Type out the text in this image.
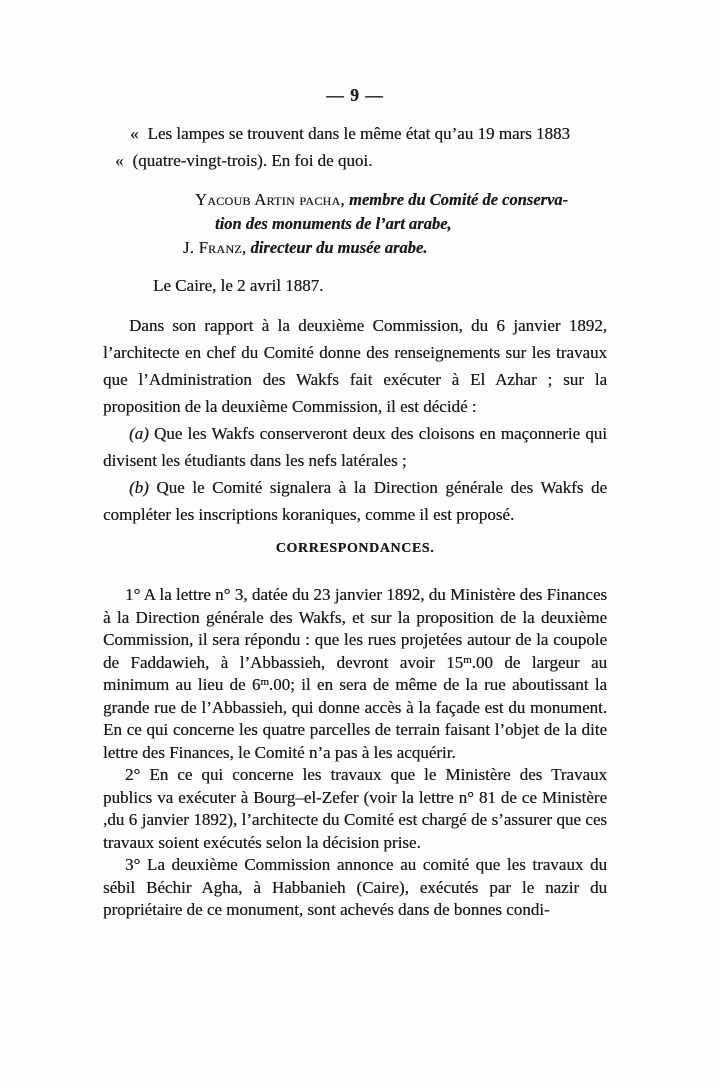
— 9 —
« Les lampes se trouvent dans le même état qu’au 19 mars 1883
« (quatre-vingt-trois). En foi de quoi.
Yacoub Artin pacha, membre du Comité de conserva-
tion des monuments de l’art arabe,
J. Franz, directeur du musée arabe.

Le Caire, le 2 avril 1887.

Dans son rapport à la deuxième Commission, du 6 janvier 1892, l’architecte en chef du Comité donne des renseignements sur les travaux que l’Administration des Wakfs fait exécuter à El Azhar ; sur la proposition de la deuxième Commission, il est décidé :

(a) Que les Wakfs conserveront deux des cloisons en maçonnerie qui divisent les étudiants dans les nefs latérales ;

(b) Que le Comité signalera à la Direction générale des Wakfs de compléter les inscriptions koraniques, comme il est proposé.

CORRESPONDANCES.

1° A la lettre n° 3, datée du 23 janvier 1892, du Ministère des Finances à la Direction générale des Wakfs, et sur la proposition de la deuxième Commission, il sera répondu : que les rues projetées autour de la coupole de Faddawieh, à l’Abbassieh, devront avoir 15$^m$.00 de largeur au minimum au lieu de 6$^m$.00; il en sera de même de la rue aboutissant la grande rue de l’Abbassieh, qui donne accès à la façade est du monument. En ce qui concerne les quatre parcelles de terrain faisant l’objet de la dite lettre des Finances, le Comité n’a pas à les acquérir.

2° En ce qui concerne les travaux que le Ministère des Travaux publics va exécuter à Bourg–el-Zefer (voir la lettre n° 81 de ce Ministère ,du 6 janvier 1892), l’architecte du Comité est chargé de s’assurer que ces travaux soient exécutés selon la décision prise.

3° La deuxième Commission annonce au comité que les travaux du sébil Béchir Agha, à Habbanieh (Caire), exécutés par le nazir du propriétaire de ce monument, sont achevés dans de bonnes condi-
